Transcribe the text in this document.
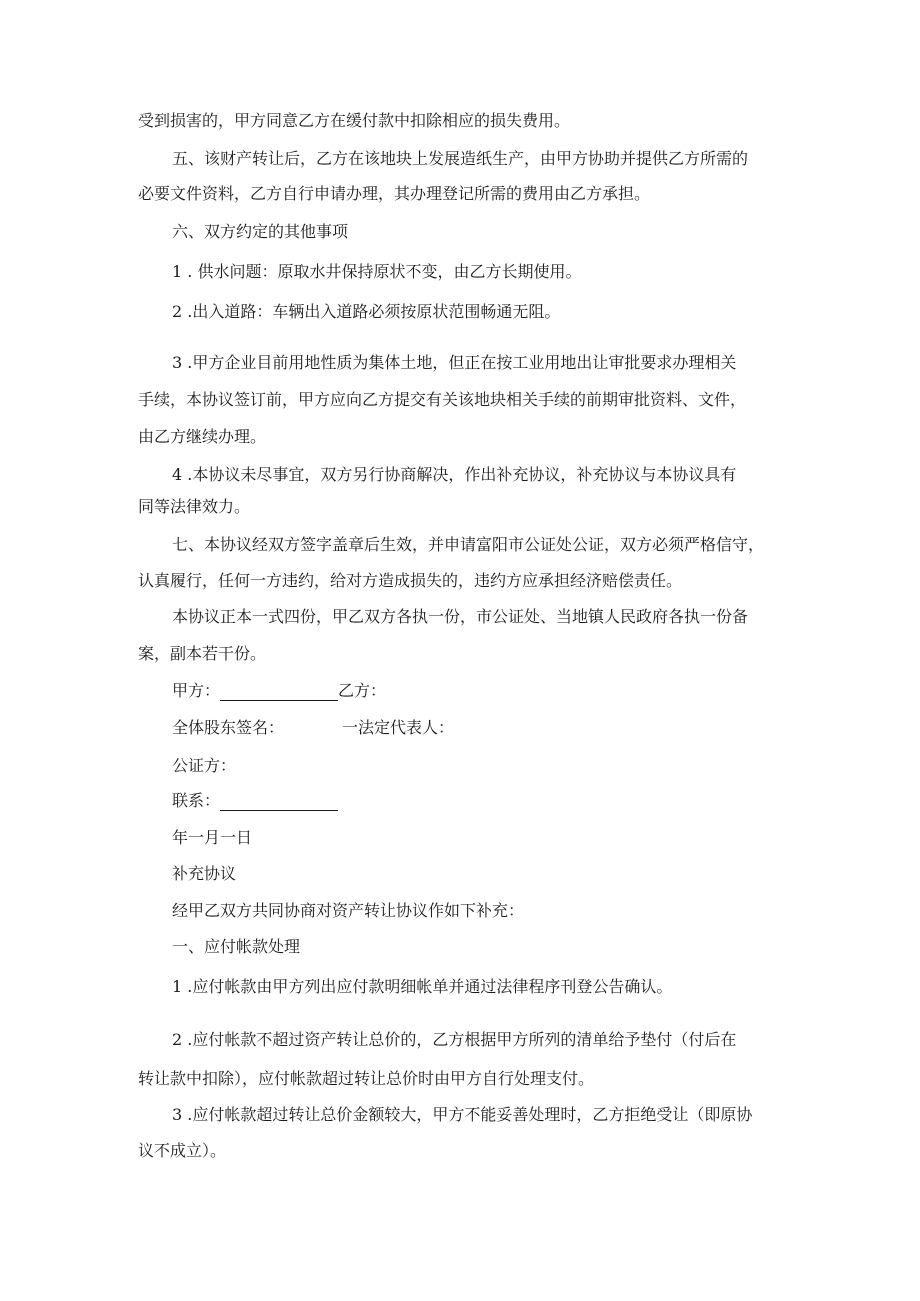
受到损害的，甲方同意乙方在缓付款中扣除相应的损失费用。
五、该财产转让后，乙方在该地块上发展造纸生产，由甲方协助并提供乙方所需的
必要文件资料，乙方自行申请办理，其办理登记所需的费用由乙方承担。
六、双方约定的其他事项
1 . 供水问题：原取水井保持原状不变，由乙方长期使用。
2 .出入道路：车辆出入道路必须按原状范围畅通无阻。
3 .甲方企业目前用地性质为集体土地，但正在按工业用地出让审批要求办理相关
手续，本协议签订前，甲方应向乙方提交有关该地块相关手续的前期审批资料、文件，
由乙方继续办理。
4 .本协议未尽事宜，双方另行协商解决，作出补充协议，补充协议与本协议具有
同等法律效力。
七、本协议经双方签字盖章后生效，并申请富阳市公证处公证，双方必须严格信守，
认真履行，任何一方违约，给对方造成损失的，违约方应承担经济赔偿责任。
本协议正本一式四份，甲乙双方各执一份，市公证处、当地镇人民政府各执一份备
案，副本若干份。
甲方：	乙方：
全体股东签名：	一法定代表人：
公证方：
联系：
年一月一日
补充协议
经甲乙双方共同协商对资产转让协议作如下补充：
一、应付帐款处理
1 .应付帐款由甲方列出应付款明细帐单并通过法律程序刊登公告确认。
2 .应付帐款不超过资产转让总价的，乙方根据甲方所列的清单给予垫付（付后在
转让款中扣除），应付帐款超过转让总价时由甲方自行处理支付。
3 .应付帐款超过转让总价金额较大，甲方不能妥善处理时，乙方拒绝受让（即原协
议不成立）。
